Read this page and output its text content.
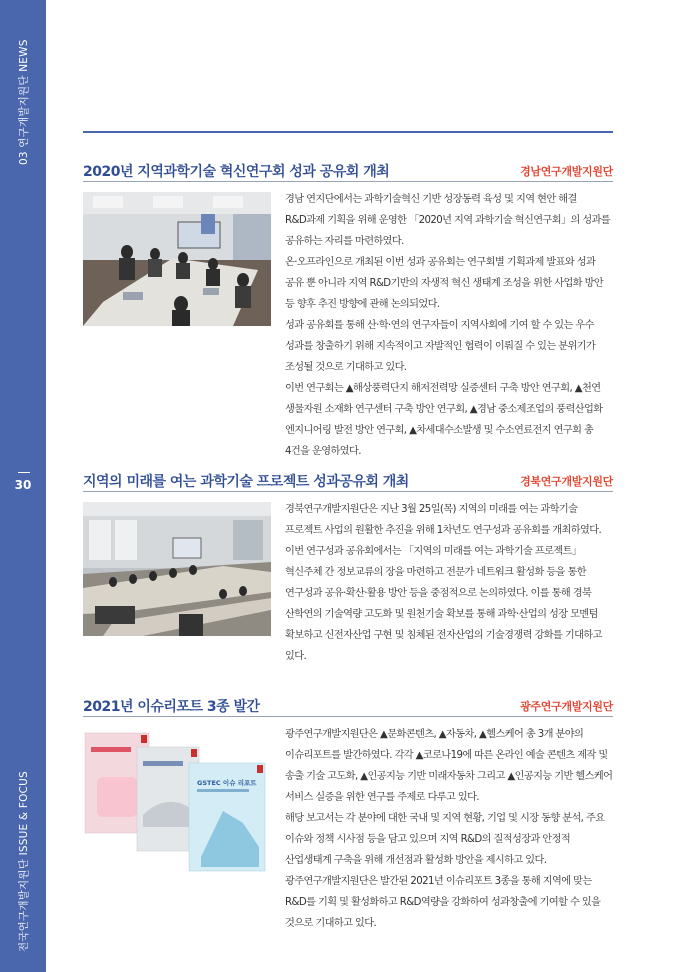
03 연구개발지원단 NEWS
30
전국연구개발지원단 ISSUE & FOCUS
2020년 지역과학기술 혁신연구회 성과 공유회 개최	경남연구개발지원단

경남 연지단에서는 과학기술혁신 기반 성장동력 육성 및 지역 현안 해결 R&D과제 기획을 위해 운영한 「2020년 지역 과학기술 혁신연구회」의 성과를 공유하는 자리를 마련하였다.

온·오프라인으로 개최된 이번 성과 공유회는 연구회별 기획과제 발표와 성과 공유 뿐 아니라 지역 R&D기반의 자생적 혁신 생태계 조성을 위한 사업화 방안 등 향후 추진 방향에 관해 논의되었다.

성과 공유회를 통해 산·학·연의 연구자들이 지역사회에 기여 할 수 있는 우수 성과를 창출하기 위해 지속적이고 자발적인 협력이 이뤄질 수 있는 분위기가 조성될 것으로 기대하고 있다.

이번 연구회는 ▲해상풍력단지 해저전력망 실증센터 구축 방안 연구회, ▲천연 생물자원 소재화 연구센터 구축 방안 연구회, ▲경남 중소제조업의 풍력산업화 엔지니어링 발전 방안 연구회, ▲차세대수소발생 및 수소연료전지 연구회 총 4건을 운영하였다.

지역의 미래를 여는 과학기술 프로젝트 성과공유회 개최	경북연구개발지원단

경북연구개발지원단은 지난 3월 25일(목) 지역의 미래를 여는 과학기술 프로젝트 사업의 원활한 추진을 위해 1차년도 연구성과 공유회를 개최하였다. 이번 연구성과 공유회에서는 「지역의 미래를 여는 과학기술 프로젝트」 혁신주체 간 정보교류의 장을 마련하고 전문가 네트워크 활성화 등을 통한 연구성과 공유·확산·활용 방안 등을 중점적으로 논의하였다. 이를 통해 경북 산학연의 기술역량 고도화 및 원천기술 확보를 통해 과학·산업의 성장 모멘텀 확보하고 신전자산업 구현 및 침체된 전자산업의 기술경쟁력 강화를 기대하고 있다.

2021년 이슈리포트 3종 발간	광주연구개발지원단
GSTEC 이슈 리포트

광주연구개발지원단은 ▲문화콘텐츠, ▲자동차, ▲헬스케어 총 3개 분야의 이슈리포트를 발간하였다. 각각 ▲코로나19에 따른 온라인 예술 콘텐츠 제작 및 송출 기술 고도화, ▲인공지능 기반 미래자동차 그리고 ▲인공지능 기반 헬스케어 서비스 실증을 위한 연구를 주제로 다루고 있다.

해당 보고서는 각 분야에 대한 국내 및 지역 현황, 기업 및 시장 동향 분석, 주요 이슈와 정책 시사점 등을 담고 있으며 지역 R&D의 질적성장과 안정적 산업생태계 구축을 위해 개선점과 활성화 방안을 제시하고 있다.

광주연구개발지원단은 발간된 2021년 이슈리포트 3종을 통해 지역에 맞는 R&D를 기획 및 활성화하고 R&D역량을 강화하여 성과창출에 기여할 수 있을 것으로 기대하고 있다.
